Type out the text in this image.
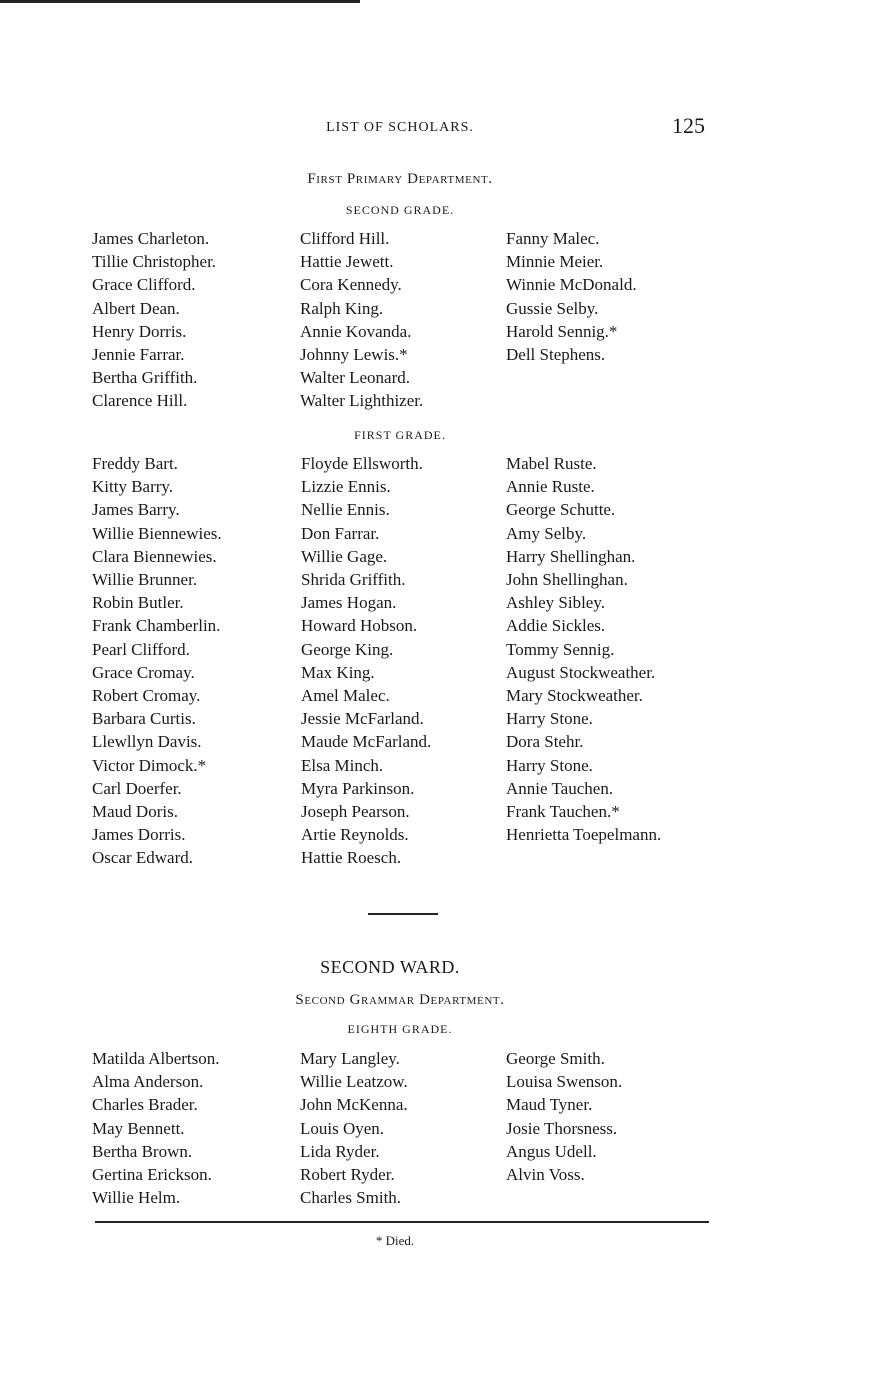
LIST OF SCHOLARS.	125
First Primary Department.
SECOND GRADE.
James Charleton.
Tillie Christopher.
Grace Clifford.
Albert Dean.
Henry Dorris.
Jennie Farrar.
Bertha Griffith.
Clarence Hill.
Clifford Hill.
Hattie Jewett.
Cora Kennedy.
Ralph King.
Annie Kovanda.
Johnny Lewis.*
Walter Leonard.
Walter Lighthizer.
Fanny Malec.
Minnie Meier.
Winnie McDonald.
Gussie Selby.
Harold Sennig.*
Dell Stephens.
FIRST GRADE.
Freddy Bart.
Kitty Barry.
James Barry.
Willie Biennewies.
Clara Biennewies.
Willie Brunner.
Robin Butler.
Frank Chamberlin.
Pearl Clifford.
Grace Cromay.
Robert Cromay.
Barbara Curtis.
Llewllyn Davis.
Victor Dimock.*
Carl Doerfer.
Maud Doris.
James Dorris.
Oscar Edward.
Floyde Ellsworth.
Lizzie Ennis.
Nellie Ennis.
Don Farrar.
Willie Gage.
Shrida Griffith.
James Hogan.
Howard Hobson.
George King.
Max King.
Amel Malec.
Jessie McFarland.
Maude McFarland.
Elsa Minch.
Myra Parkinson.
Joseph Pearson.
Artie Reynolds.
Hattie Roesch.
Mabel Ruste.
Annie Ruste.
George Schutte.
Amy Selby.
Harry Shellinghan.
John Shellinghan.
Ashley Sibley.
Addie Sickles.
Tommy Sennig.
August Stockweather.
Mary Stockweather.
Harry Stone.
Dora Stehr.
Harry Stone.
Annie Tauchen.
Frank Tauchen.*
Henrietta Toepelmann.
SECOND WARD.
Second Grammar Department.
EIGHTH GRADE.
Matilda Albertson.
Alma Anderson.
Charles Brader.
May Bennett.
Bertha Brown.
Gertina Erickson.
Willie Helm.
Mary Langley.
Willie Leatzow.
John McKenna.
Louis Oyen.
Lida Ryder.
Robert Ryder.
Charles Smith.
George Smith.
Louisa Swenson.
Maud Tyner.
Josie Thorsness.
Angus Udell.
Alvin Voss.
* Died.
